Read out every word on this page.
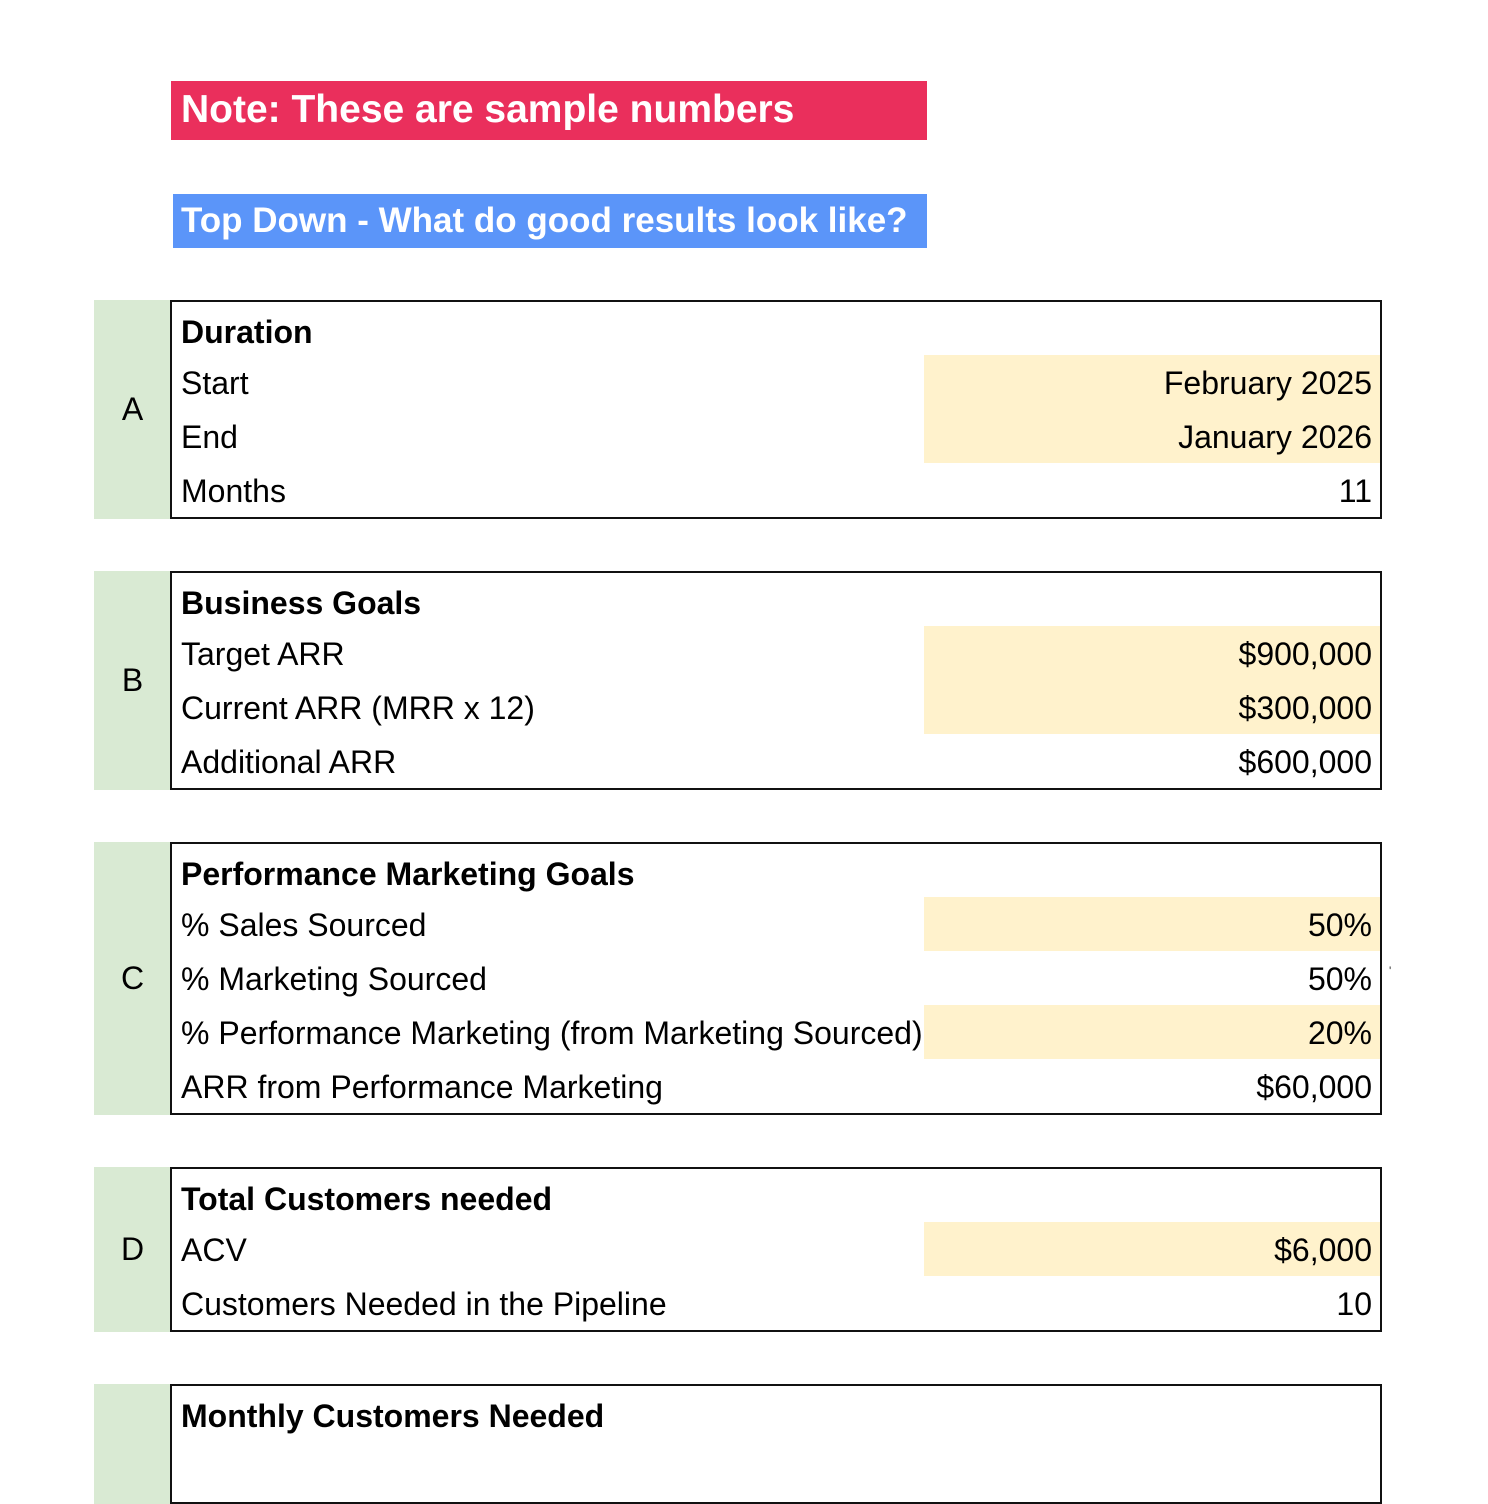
Note: These are sample numbers
Top Down - What do good results look like?
A
Duration
Start	February 2025
End	January 2026
Months	11
B
Business Goals
Target ARR	$900,000
Current ARR (MRR x 12)	$300,000
Additional ARR	$600,000
C
Performance Marketing Goals
% Sales Sourced	50%
% Marketing Sourced	50%
% Performance Marketing (from Marketing Sourced)	20%
ARR from Performance Marketing	$60,000
'
D
Total Customers needed
ACV	$6,000
Customers Needed in the Pipeline	10
Monthly Customers Needed
